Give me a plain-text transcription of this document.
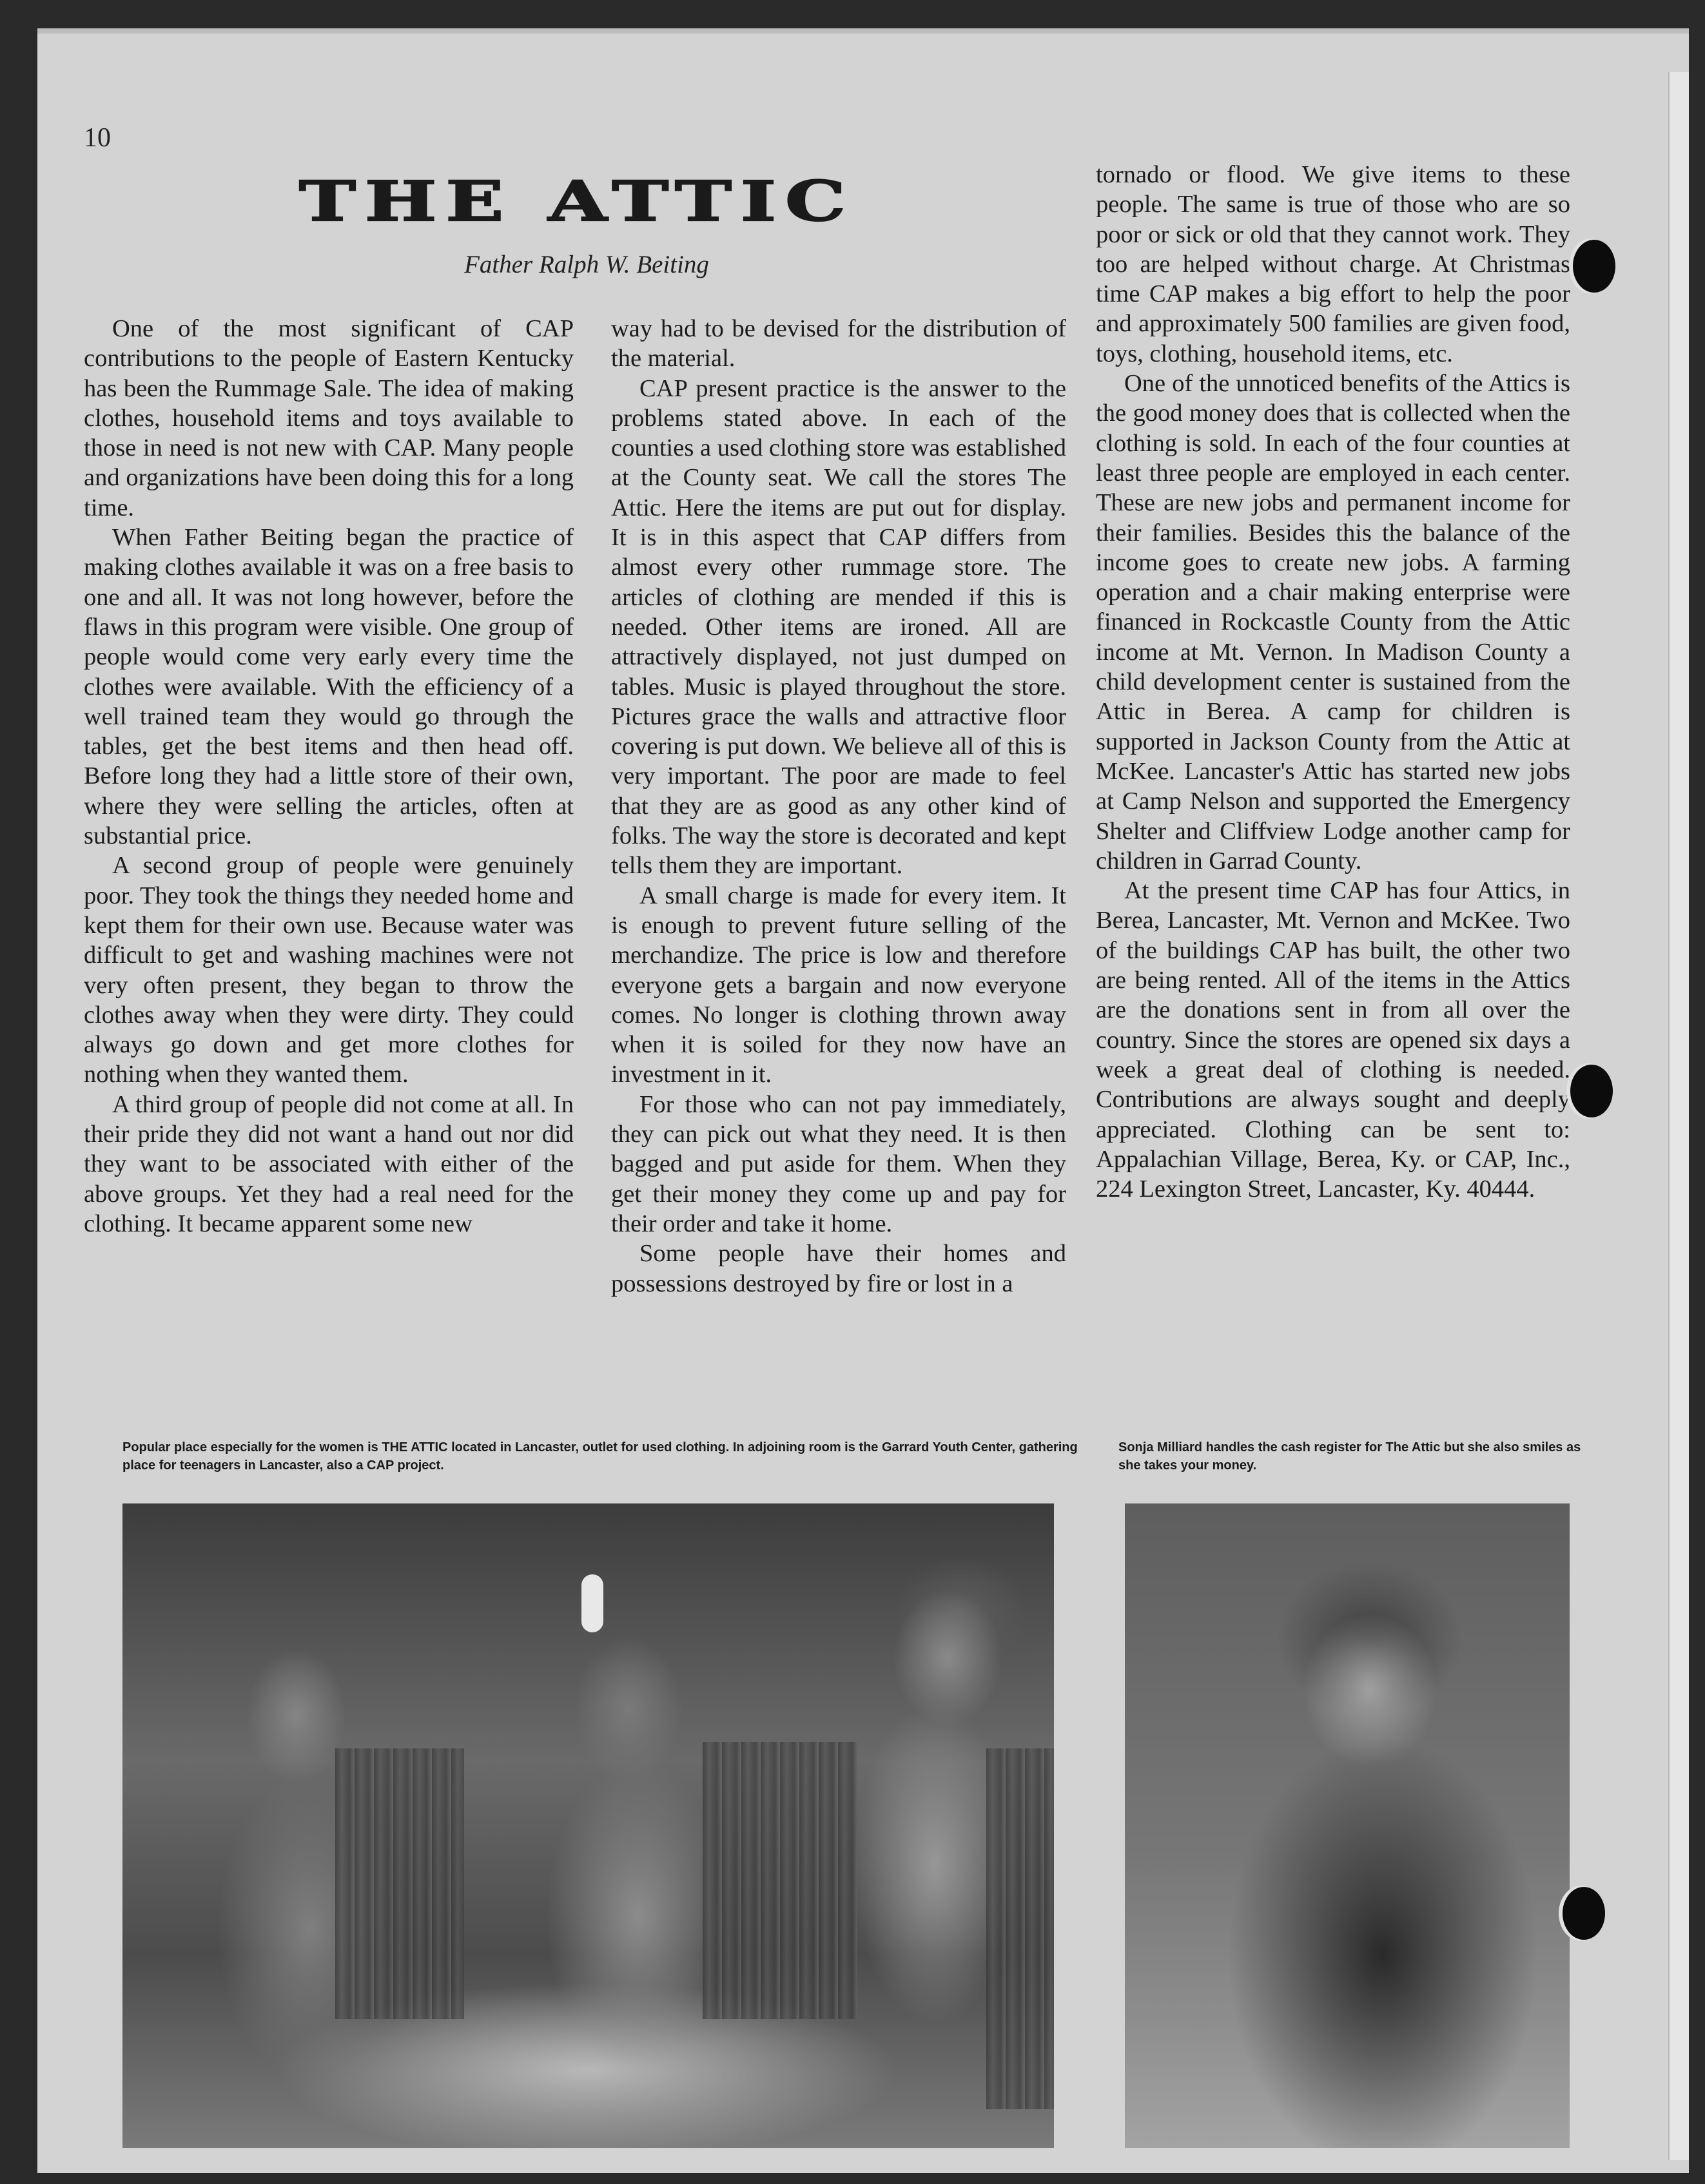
10
THE ATTIC
Father Ralph W. Beiting

One of the most significant of CAP contributions to the people of Eastern Kentucky has been the Rummage Sale. The idea of making clothes, household items and toys available to those in need is not new with CAP. Many people and organizations have been doing this for a long time.

When Father Beiting began the practice of making clothes available it was on a free basis to one and all. It was not long however, before the flaws in this program were visible. One group of people would come very early every time the clothes were available. With the efficiency of a well trained team they would go through the tables, get the best items and then head off. Before long they had a little store of their own, where they were selling the articles, often at substantial price.

A second group of people were genuinely poor. They took the things they needed home and kept them for their own use. Because water was difficult to get and washing machines were not very often present, they began to throw the clothes away when they were dirty. They could always go down and get more clothes for nothing when they wanted them.

A third group of people did not come at all. In their pride they did not want a hand out nor did they want to be associated with either of the above groups. Yet they had a real need for the clothing. It became apparent some new

way had to be devised for the distribution of the material.

CAP present practice is the answer to the problems stated above. In each of the counties a used clothing store was established at the County seat. We call the stores The Attic. Here the items are put out for display. It is in this aspect that CAP differs from almost every other rummage store. The articles of clothing are mended if this is needed. Other items are ironed. All are attractively displayed, not just dumped on tables. Music is played throughout the store. Pictures grace the walls and attractive floor covering is put down. We believe all of this is very important. The poor are made to feel that they are as good as any other kind of folks. The way the store is decorated and kept tells them they are important.

A small charge is made for every item. It is enough to prevent future selling of the merchandize. The price is low and therefore everyone gets a bargain and now everyone comes. No longer is clothing thrown away when it is soiled for they now have an investment in it.

For those who can not pay immediately, they can pick out what they need. It is then bagged and put aside for them. When they get their money they come up and pay for their order and take it home.

Some people have their homes and possessions destroyed by fire or lost in a

tornado or flood. We give items to these people. The same is true of those who are so poor or sick or old that they cannot work. They too are helped without charge. At Christmas time CAP makes a big effort to help the poor and approximately 500 families are given food, toys, clothing, household items, etc.

One of the unnoticed benefits of the Attics is the good money does that is collected when the clothing is sold. In each of the four counties at least three people are employed in each center. These are new jobs and permanent income for their families. Besides this the balance of the income goes to create new jobs. A farming operation and a chair making enterprise were financed in Rockcastle County from the Attic income at Mt. Vernon. In Madison County a child development center is sustained from the Attic in Berea. A camp for children is supported in Jackson County from the Attic at McKee. Lancaster's Attic has started new jobs at Camp Nelson and supported the Emergency Shelter and Cliffview Lodge another camp for children in Garrad County.

At the present time CAP has four Attics, in Berea, Lancaster, Mt. Vernon and McKee. Two of the buildings CAP has built, the other two are being rented. All of the items in the Attics are the donations sent in from all over the country. Since the stores are opened six days a week a great deal of clothing is needed. Contributions are always sought and deeply appreciated. Clothing can be sent to: Appalachian Village, Berea, Ky. or CAP, Inc., 224 Lexington Street, Lancaster, Ky. 40444.

Popular place especially for the women is THE ATTIC located in Lancaster, outlet for used clothing. In adjoining room is the Garrard Youth Center, gathering place for teenagers in Lancaster, also a CAP project.
Sonja Milliard handles the cash register for The Attic but she also smiles as she takes your money.
